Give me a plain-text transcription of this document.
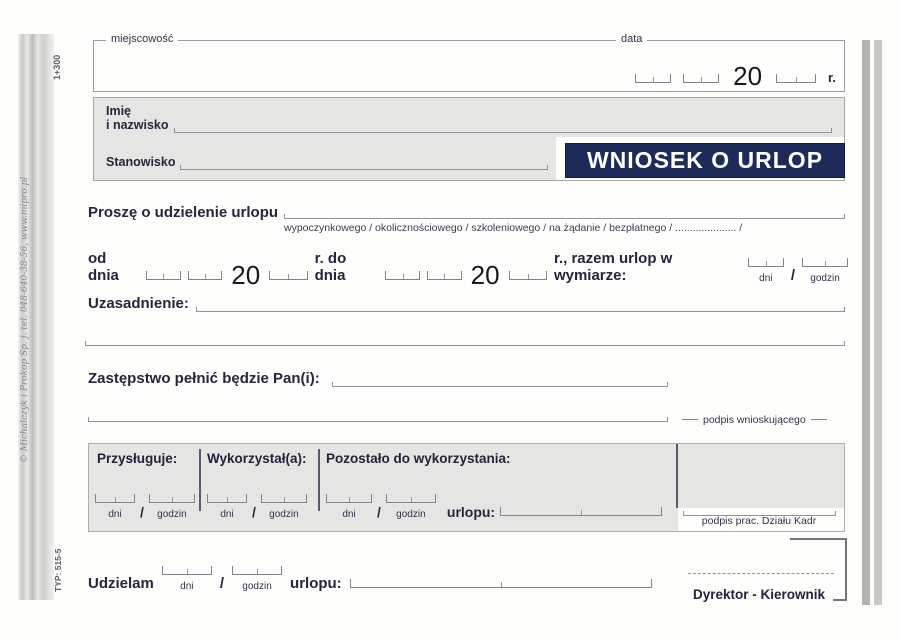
© Michalczyk i Prokop Sp. j. tel. 048-640-38-56, www.mipro.pl
1+300
TYP: 515-5
miejscowość	data
20	r.
Imię
i nazwisko
Stanowisko	WNIOSEK O URLOP
Proszę o udzielenie urlopu
wypoczynkowego / okolicznościowego / szkoleniowego / na żądanie / bezpłatnego / ..................... /
od dnia	20
r. do dnia	20
r., razem urlop w wymiarze:	dni / godzin
Uzasadnienie:
Zastępstwo pełnić będzie Pan(i):
podpis wnioskującego
Przysługuje: Wykorzystał(a): Pozostało do wykorzystania:
dni / godzin	dni / godzin	dni / godzin urlopu:
podpis prac. Działu Kadr
Udzielam	dni / godzin urlopu:
Dyrektor - Kierownik
